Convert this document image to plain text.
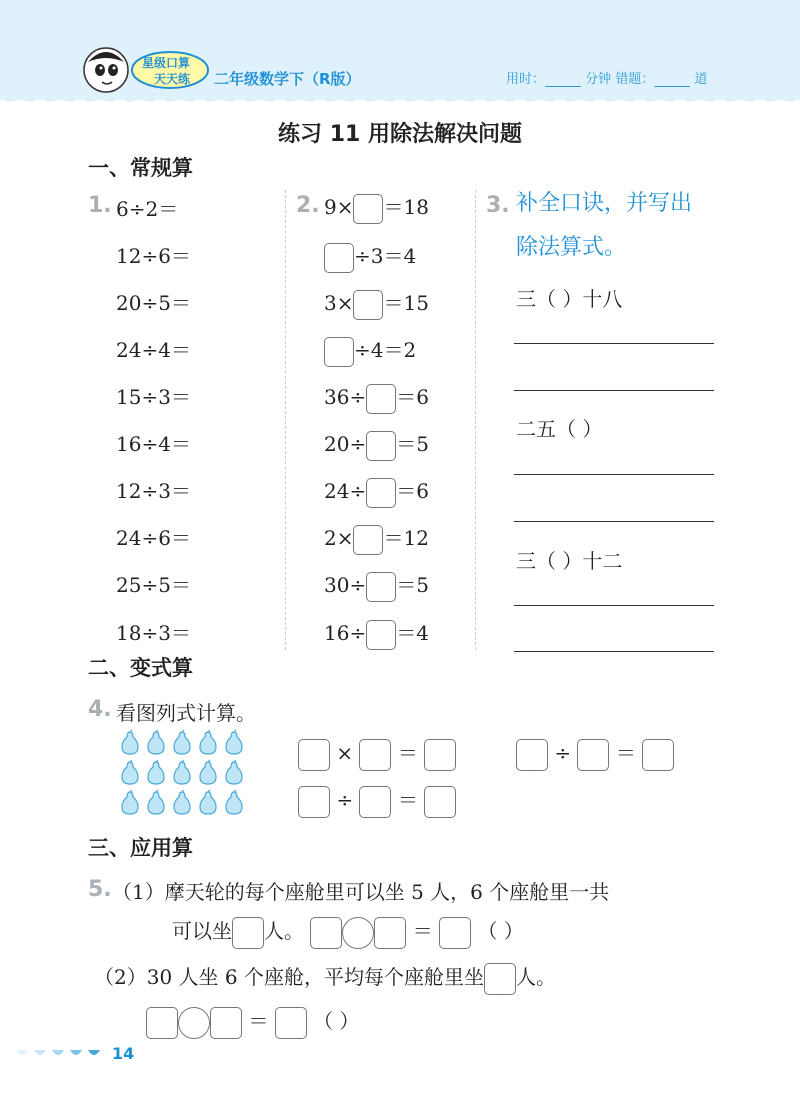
星级口算
天天练 二年级数学下（R版）	用时：	分钟 错题：	道
练习 11 用除法解决问题
一、常规算
1. 6÷2＝
12÷6＝
20÷5＝
24÷4＝
15÷3＝
16÷4＝
12÷3＝
24÷6＝
25÷5＝
18÷3＝
2. 9× ＝18
÷3＝4
3× ＝15
÷4＝2
36÷ ＝6
20÷ ＝5
24÷ ＝6
2× ＝12
30÷ ＝5
16÷ ＝4
3. 补全口诀，并写出
除法算式。
三（ ）十八
二五（ ）
三（ ）十二
二、变式算
4. 看图列式计算。
× ＝	÷ ＝
÷ ＝
三、应用算
5. （1）摩天轮的每个座舱里可以坐 5 人，6 个座舱里一共
可以坐 人。	＝ （ ）
（2）30 人坐 6 个座舱，平均每个座舱里坐 人。
＝ （ ）
14
